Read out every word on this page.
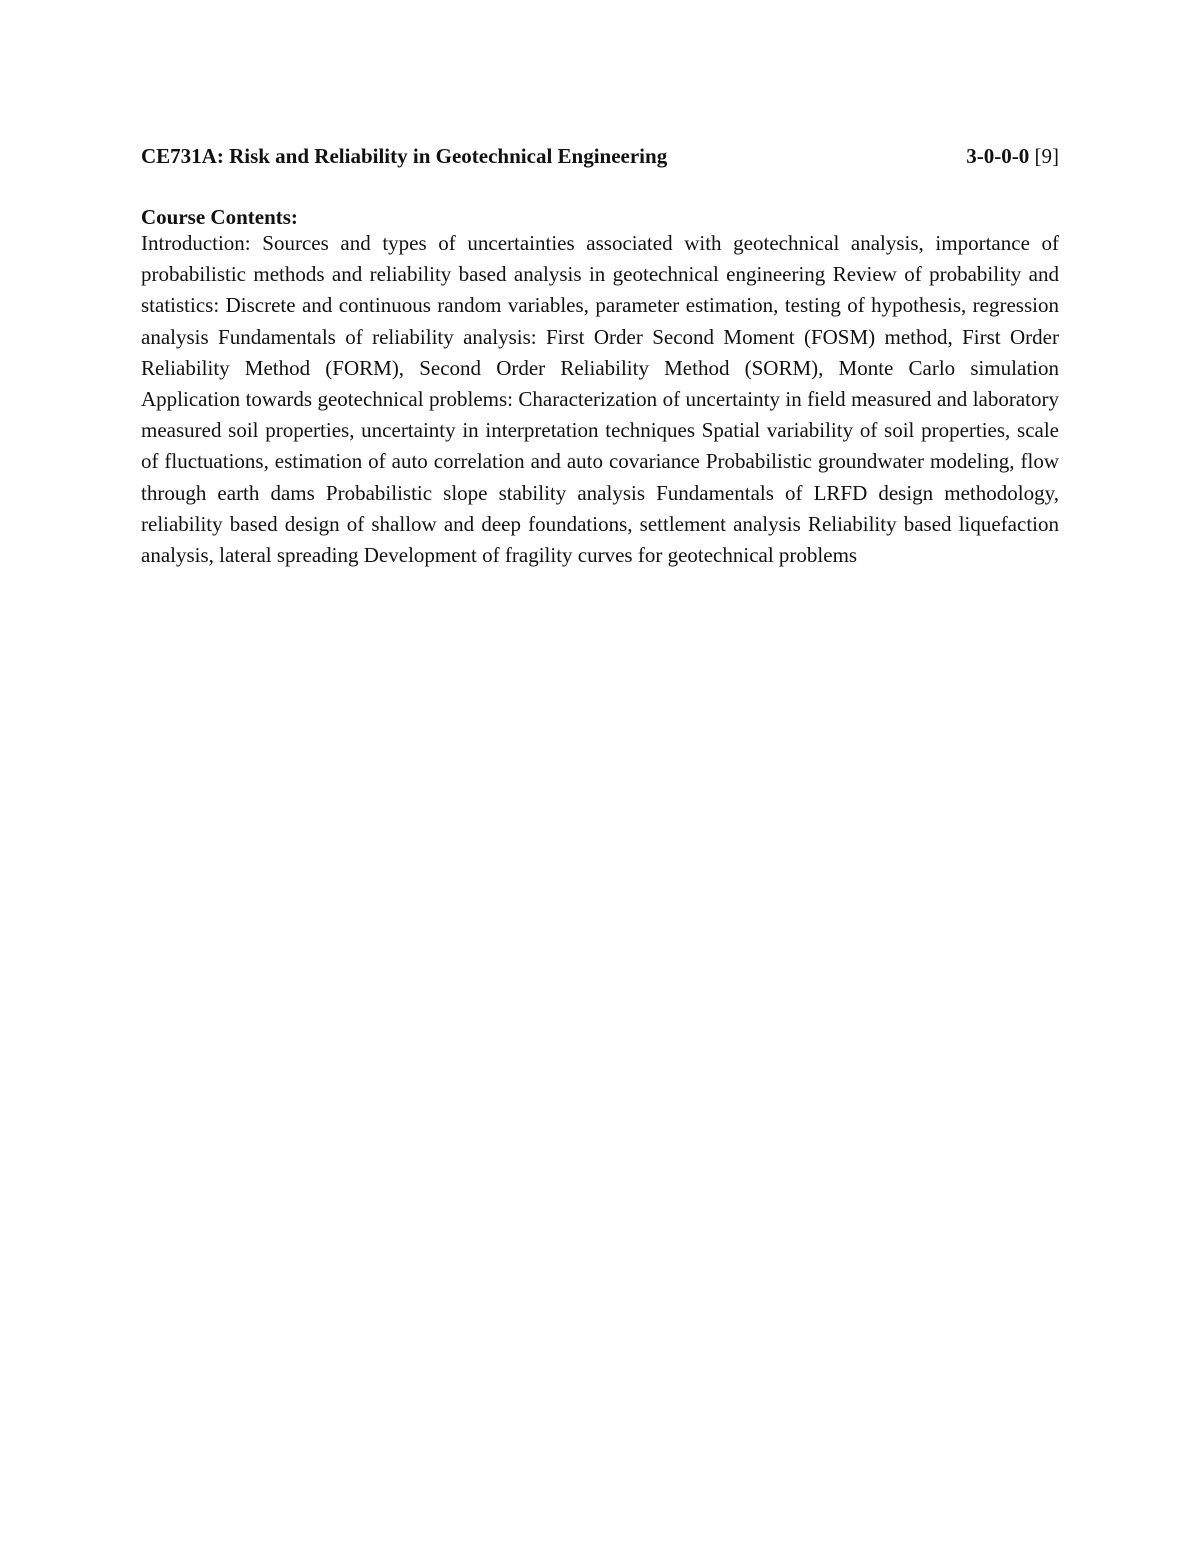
CE731A: Risk and Reliability in Geotechnical Engineering	3-0-0-0 [9]
Course Contents:

Introduction: Sources and types of uncertainties associated with geotechnical analysis, importance of probabilistic methods and reliability based analysis in geotechnical engineering Review of probability and statistics: Discrete and continuous random variables, parameter estimation, testing of hypothesis, regression analysis Fundamentals of reliability analysis: First Order Second Moment (FOSM) method, First Order Reliability Method (FORM), Second Order Reliability Method (SORM), Monte Carlo simulation Application towards geotechnical problems: Characterization of uncertainty in field measured and laboratory measured soil properties, uncertainty in interpretation techniques Spatial variability of soil properties, scale of fluctuations, estimation of auto correlation and auto covariance Probabilistic groundwater modeling, flow through earth dams Probabilistic slope stability analysis Fundamentals of LRFD design methodology, reliability based design of shallow and deep foundations, settlement analysis Reliability based liquefaction analysis, lateral spreading Development of fragility curves for geotechnical problems
